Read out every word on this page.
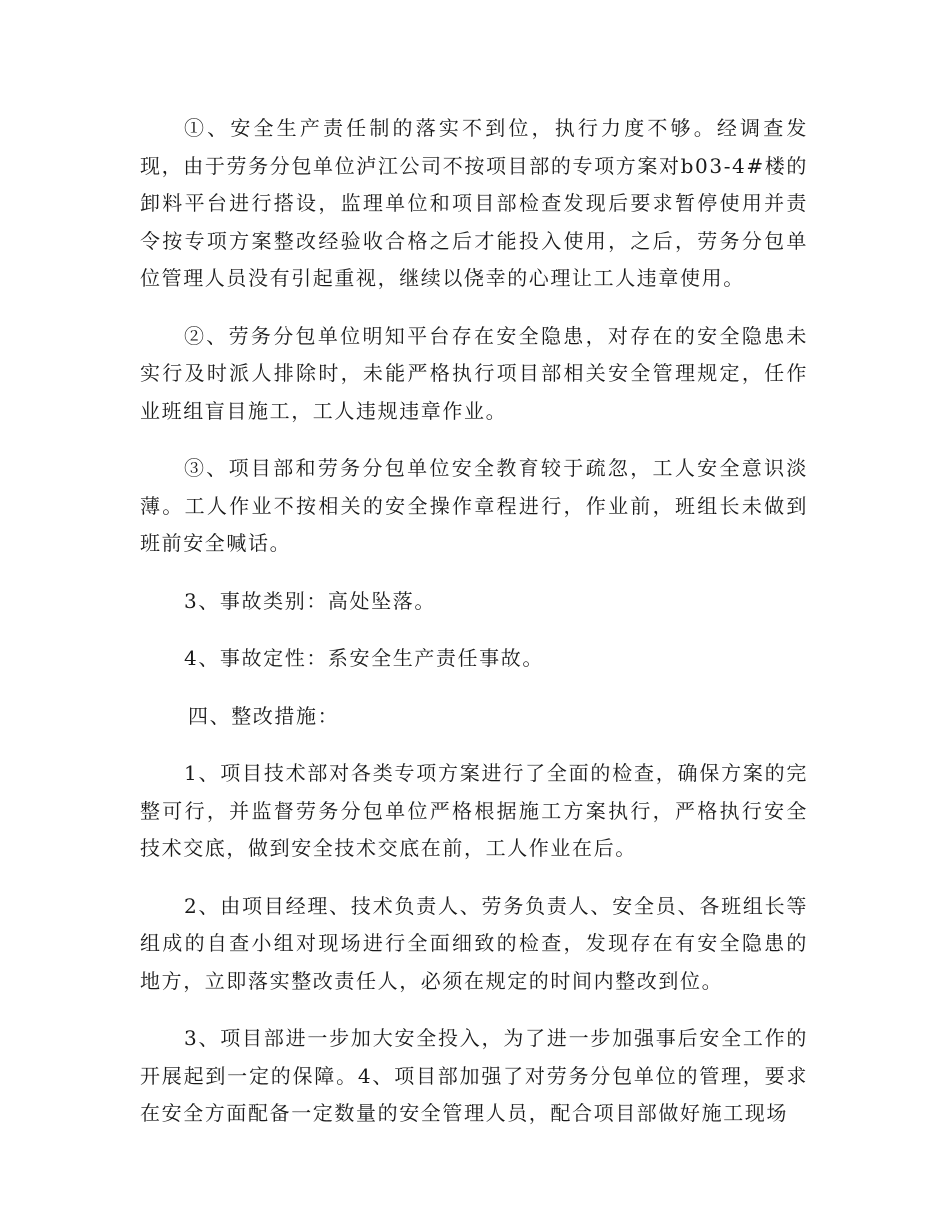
①、安全生产责任制的落实不到位，执行力度不够。经调查发现，由于劳务分包单位泸江公司不按项目部的专项方案对b03-4#楼的卸料平台进行搭设，监理单位和项目部检查发现后要求暂停使用并责令按专项方案整改经验收合格之后才能投入使用，之后，劳务分包单位管理人员没有引起重视，继续以侥幸的心理让工人违章使用。

②、劳务分包单位明知平台存在安全隐患，对存在的安全隐患未实行及时派人排除时，未能严格执行项目部相关安全管理规定，任作业班组盲目施工，工人违规违章作业。

③、项目部和劳务分包单位安全教育较于疏忽，工人安全意识淡薄。工人作业不按相关的安全操作章程进行，作业前，班组长未做到班前安全喊话。

3、事故类别：高处坠落。

4、事故定性：系安全生产责任事故。

四、整改措施：

1、项目技术部对各类专项方案进行了全面的检查，确保方案的完整可行，并监督劳务分包单位严格根据施工方案执行，严格执行安全技术交底，做到安全技术交底在前，工人作业在后。

2、由项目经理、技术负责人、劳务负责人、安全员、各班组长等组成的自查小组对现场进行全面细致的检查，发现存在有安全隐患的地方，立即落实整改责任人，必须在规定的时间内整改到位。

3、项目部进一步加大安全投入，为了进一步加强事后安全工作的开展起到一定的保障。4、项目部加强了对劳务分包单位的管理，要求在安全方面配备一定数量的安全管理人员，配合项目部做好施工现场
